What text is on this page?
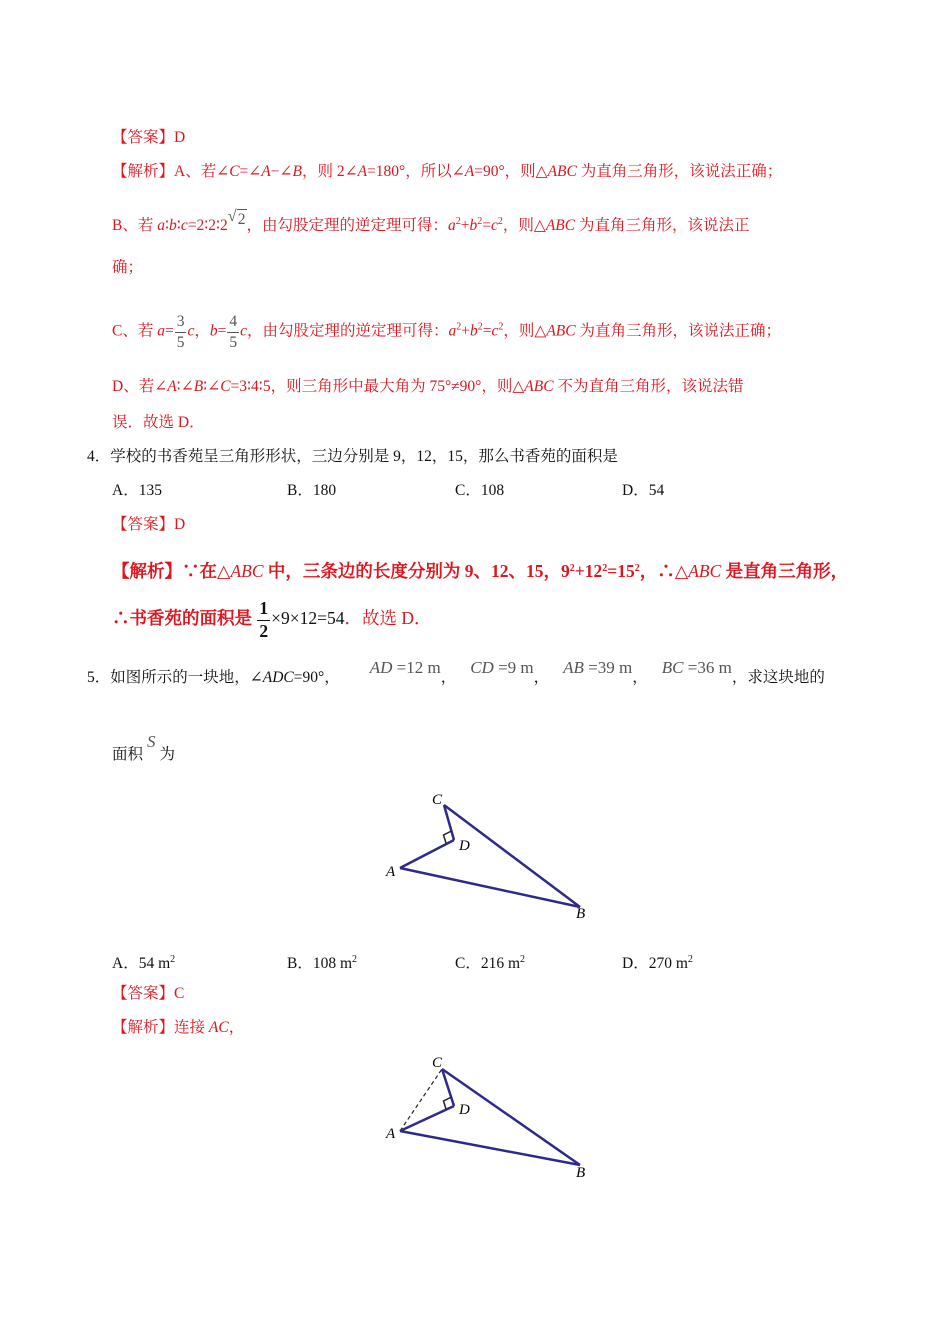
【答案】D
【解析】A、若∠C=∠A−∠B，则 2∠A=180°，所以∠A=90°，则△ABC 为直角三角形，该说法正确；
B、若 a∶b∶c=2∶2∶2
√ 2，由勾股定理的逆定理可得：$a^2+b^2=c^2$，则△ABC 为直角三角形，该说法正
确；
C、若 $a= \frac{3}{5}$ c，$b= \frac{4}{5}$ c，由勾股定理的逆定理可得：$a^2+b^2=c^2$，则△ABC 为直角三角形，该说法正确；
D、若∠A∶∠B∶∠C=3∶4∶5，则三角形中最大角为 75°≠90°，则△ABC 不为直角三角形，该说法错
误．故选 D．
4．学校的书香苑呈三角形形状，三边分别是 9，12，15，那么书香苑的面积是
A．135	B．180	C．108	D．54
【答案】D
【解析】∵在△ABC 中，三条边的长度分别为 9、12、15，$9^2+12^2=15^2$，∴△ABC 是直角三角形，
∴书香苑的面积是 $\frac{1}{2} \times 9\times 12=54$．故选 D．
5．如图所示的一块地，∠ADC=90°，AD =12 m，CD =9 m，AB =39 m，BC =36 m，求这块地的
面积S为
C
D
A
B
A．54 $m^2$	B．108 $m^2$	C．216 $m^2$	D．270 $m^2$
【答案】C
【解析】连接 AC，
C
D
A
B
